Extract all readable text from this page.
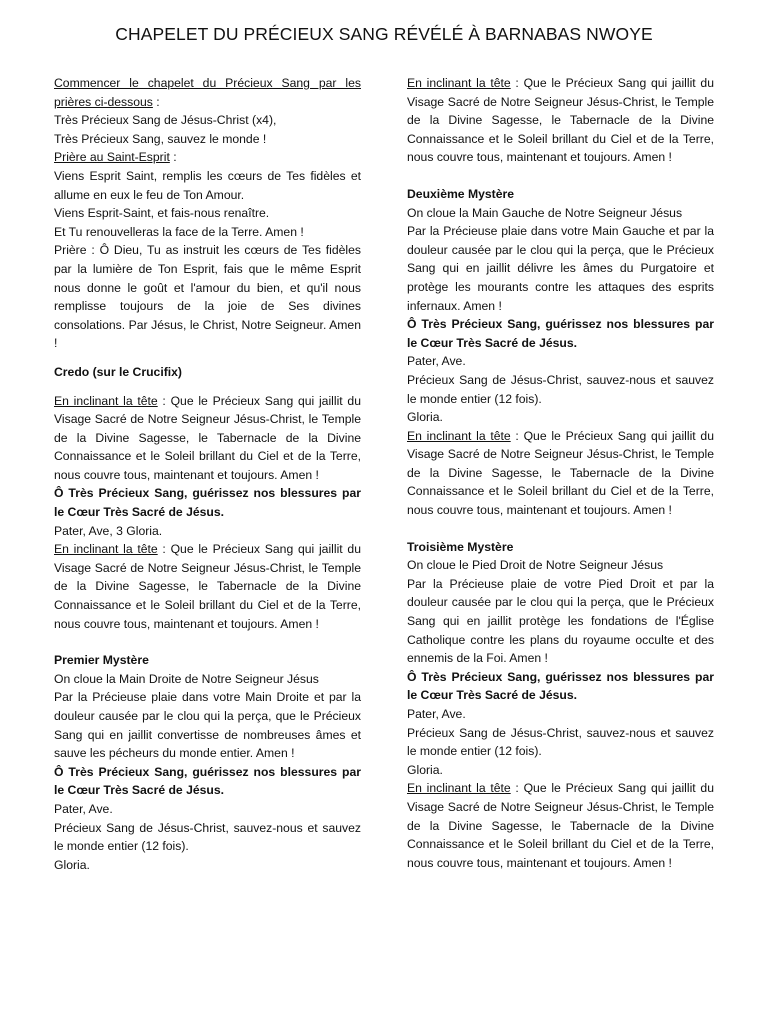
CHAPELET DU PRÉCIEUX SANG RÉVÉLÉ À BARNABAS NWOYE

Commencer le chapelet du Précieux Sang par les prières ci-dessous :

Très Précieux Sang de Jésus-Christ (x4),

Très Précieux Sang, sauvez le monde !

Prière au Saint-Esprit :

Viens Esprit Saint, remplis les cœurs de Tes fidèles et allume en eux le feu de Ton Amour.

Viens Esprit-Saint, et fais-nous renaître.

Et Tu renouvelleras la face de la Terre. Amen !

Prière : Ô Dieu, Tu as instruit les cœurs de Tes fidèles par la lumière de Ton Esprit, fais que le même Esprit nous donne le goût et l'amour du bien, et qu'il nous remplisse toujours de la joie de Ses divines consolations. Par Jésus, le Christ, Notre Seigneur. Amen !

Credo (sur le Crucifix)

En inclinant la tête : Que le Précieux Sang qui jaillit du Visage Sacré de Notre Seigneur Jésus-Christ, le Temple de la Divine Sagesse, le Tabernacle de la Divine Connaissance et le Soleil brillant du Ciel et de la Terre, nous couvre tous, maintenant et toujours. Amen !

Ô Très Précieux Sang, guérissez nos blessures par le Cœur Très Sacré de Jésus.

Pater, Ave, 3 Gloria.

En inclinant la tête : Que le Précieux Sang qui jaillit du Visage Sacré de Notre Seigneur Jésus-Christ, le Temple de la Divine Sagesse, le Tabernacle de la Divine Connaissance et le Soleil brillant du Ciel et de la Terre, nous couvre tous, maintenant et toujours. Amen !

Premier Mystère

On cloue la Main Droite de Notre Seigneur Jésus

Par la Précieuse plaie dans votre Main Droite et par la douleur causée par le clou qui la perça, que le Précieux Sang qui en jaillit convertisse de nombreuses âmes et sauve les pécheurs du monde entier. Amen !

Ô Très Précieux Sang, guérissez nos blessures par le Cœur Très Sacré de Jésus.

Pater, Ave.

Précieux Sang de Jésus-Christ, sauvez-nous et sauvez le monde entier (12 fois).

Gloria.

En inclinant la tête : Que le Précieux Sang qui jaillit du Visage Sacré de Notre Seigneur Jésus-Christ, le Temple de la Divine Sagesse, le Tabernacle de la Divine Connaissance et le Soleil brillant du Ciel et de la Terre, nous couvre tous, maintenant et toujours. Amen !

Deuxième Mystère

On cloue la Main Gauche de Notre Seigneur Jésus

Par la Précieuse plaie dans votre Main Gauche et par la douleur causée par le clou qui la perça, que le Précieux Sang qui en jaillit délivre les âmes du Purgatoire et protège les mourants contre les attaques des esprits infernaux. Amen !

Ô Très Précieux Sang, guérissez nos blessures par le Cœur Très Sacré de Jésus.

Pater, Ave.

Précieux Sang de Jésus-Christ, sauvez-nous et sauvez le monde entier (12 fois).

Gloria.

En inclinant la tête : Que le Précieux Sang qui jaillit du Visage Sacré de Notre Seigneur Jésus-Christ, le Temple de la Divine Sagesse, le Tabernacle de la Divine Connaissance et le Soleil brillant du Ciel et de la Terre, nous couvre tous, maintenant et toujours. Amen !

Troisième Mystère

On cloue le Pied Droit de Notre Seigneur Jésus

Par la Précieuse plaie de votre Pied Droit et par la douleur causée par le clou qui la perça, que le Précieux Sang qui en jaillit protège les fondations de l'Église Catholique contre les plans du royaume occulte et des ennemis de la Foi. Amen !

Ô Très Précieux Sang, guérissez nos blessures par le Cœur Très Sacré de Jésus.

Pater, Ave.

Précieux Sang de Jésus-Christ, sauvez-nous et sauvez le monde entier (12 fois).

Gloria.

En inclinant la tête : Que le Précieux Sang qui jaillit du Visage Sacré de Notre Seigneur Jésus-Christ, le Temple de la Divine Sagesse, le Tabernacle de la Divine Connaissance et le Soleil brillant du Ciel et de la Terre, nous couvre tous, maintenant et toujours. Amen !
